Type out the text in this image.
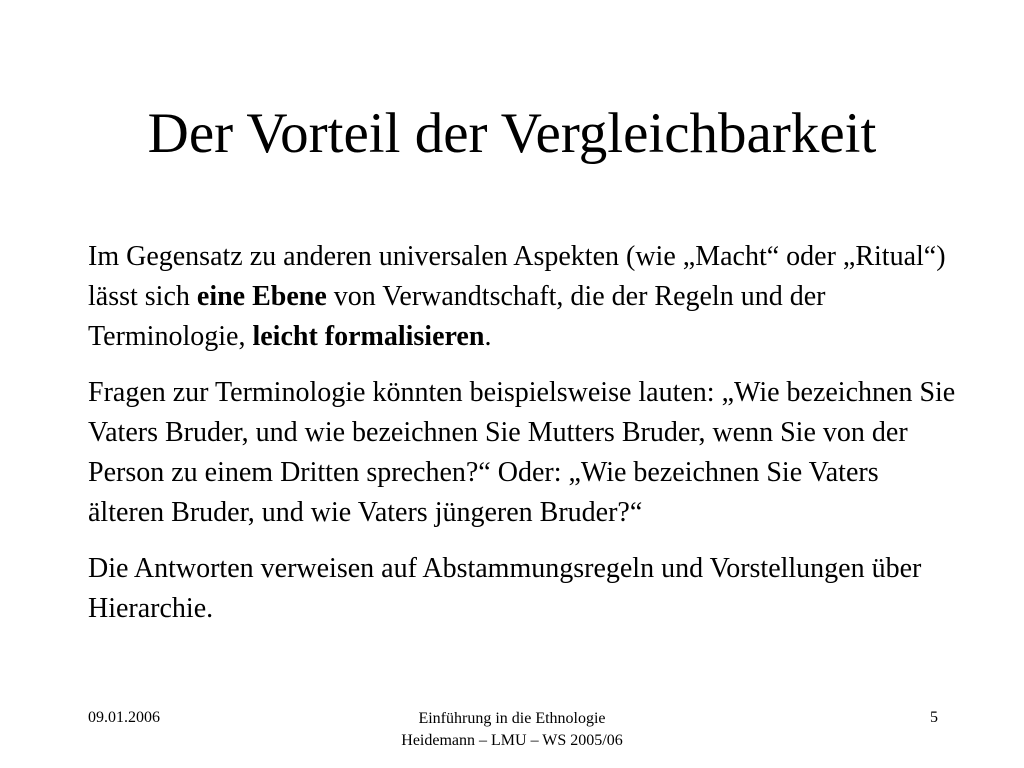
Der Vorteil der Vergleichbarkeit

Im Gegensatz zu anderen universalen Aspekten (wie „Macht“ oder „Ritual“) lässt sich eine Ebene von Verwandtschaft, die der Regeln und der Terminologie, leicht formalisieren.

Fragen zur Terminologie könnten beispielsweise lauten: „Wie bezeichnen Sie Vaters Bruder, und wie bezeichnen Sie Mutters Bruder, wenn Sie von der Person zu einem Dritten sprechen?“ Oder: „Wie bezeichnen Sie Vaters älteren Bruder, und wie Vaters jüngeren Bruder?“

Die Antworten verweisen auf Abstammungsregeln und Vorstellungen über Hierarchie.

09.01.2006	Einführung in die Ethnologie
Heidemann – LMU – WS 2005/06
5
